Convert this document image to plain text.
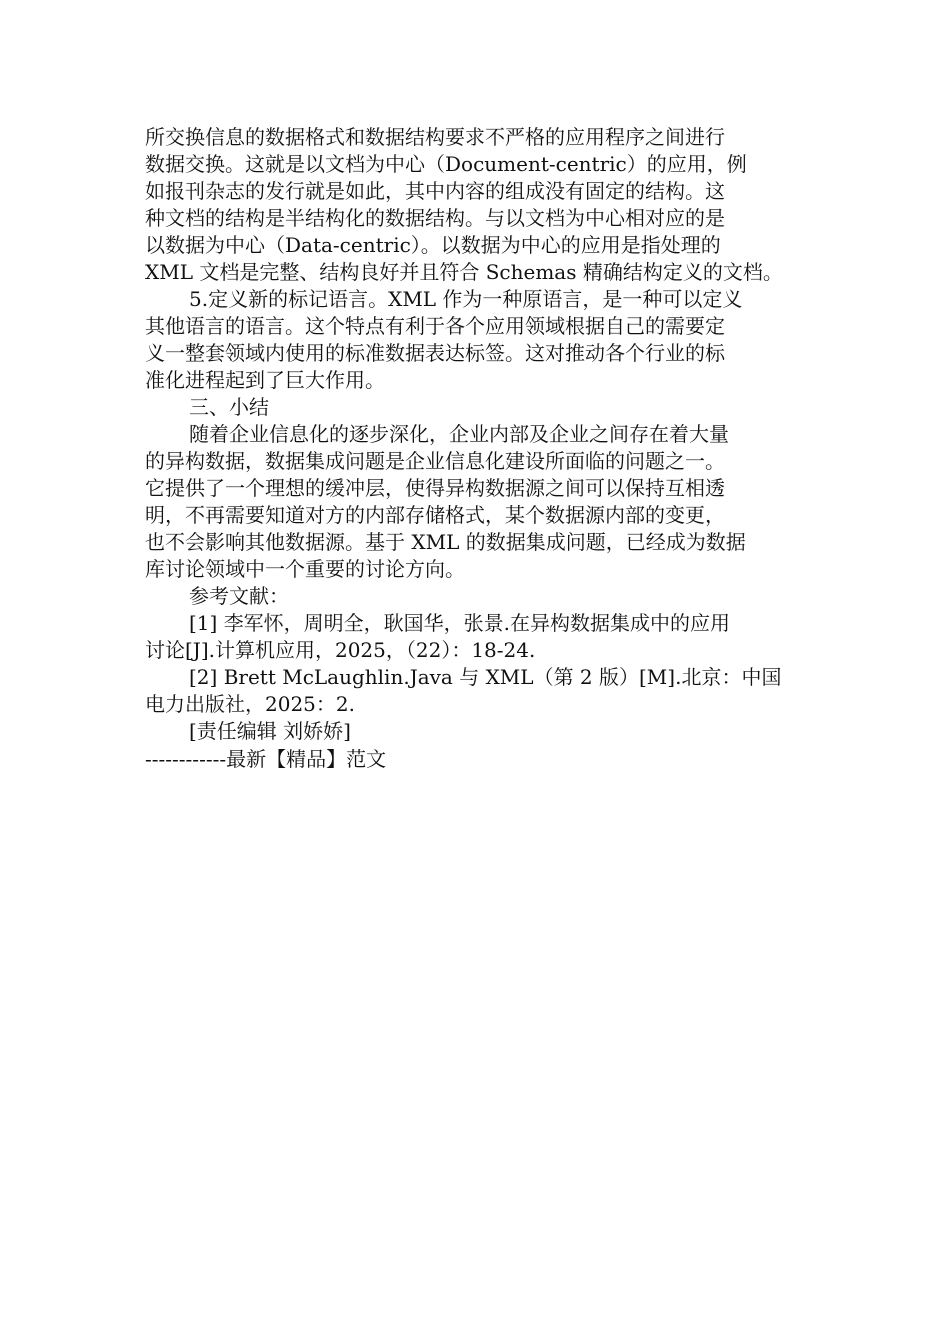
所交换信息的数据格式和数据结构要求不严格的应用程序之间进行
数据交换。这就是以文档为中心（Document-centric）的应用，例
如报刊杂志的发行就是如此，其中内容的组成没有固定的结构。这
种文档的结构是半结构化的数据结构。与以文档为中心相对应的是
以数据为中心（Data-centric）。以数据为中心的应用是指处理的
XML 文档是完整、结构良好并且符合 Schemas 精确结构定义的文档。
5.定义新的标记语言。XML 作为一种原语言，是一种可以定义
其他语言的语言。这个特点有利于各个应用领域根据自己的需要定
义一整套领域内使用的标准数据表达标签。这对推动各个行业的标
准化进程起到了巨大作用。
三、小结
随着企业信息化的逐步深化，企业内部及企业之间存在着大量
的异构数据，数据集成问题是企业信息化建设所面临的问题之一。
它提供了一个理想的缓冲层，使得异构数据源之间可以保持互相透
明，不再需要知道对方的内部存储格式，某个数据源内部的变更，
也不会影响其他数据源。基于 XML 的数据集成问题，已经成为数据
库讨论领域中一个重要的讨论方向。
参考文献：
[1] 李军怀，周明全，耿国华，张景.在异构数据集成中的应用
讨论[J].计算机应用，2025，（22）：18-24.
[2] Brett McLaughlin.Java 与 XML（第 2 版）[M].北京：中国
电力出版社，2025：2.
[责任编辑 刘娇娇]
------------最新【精品】范文
